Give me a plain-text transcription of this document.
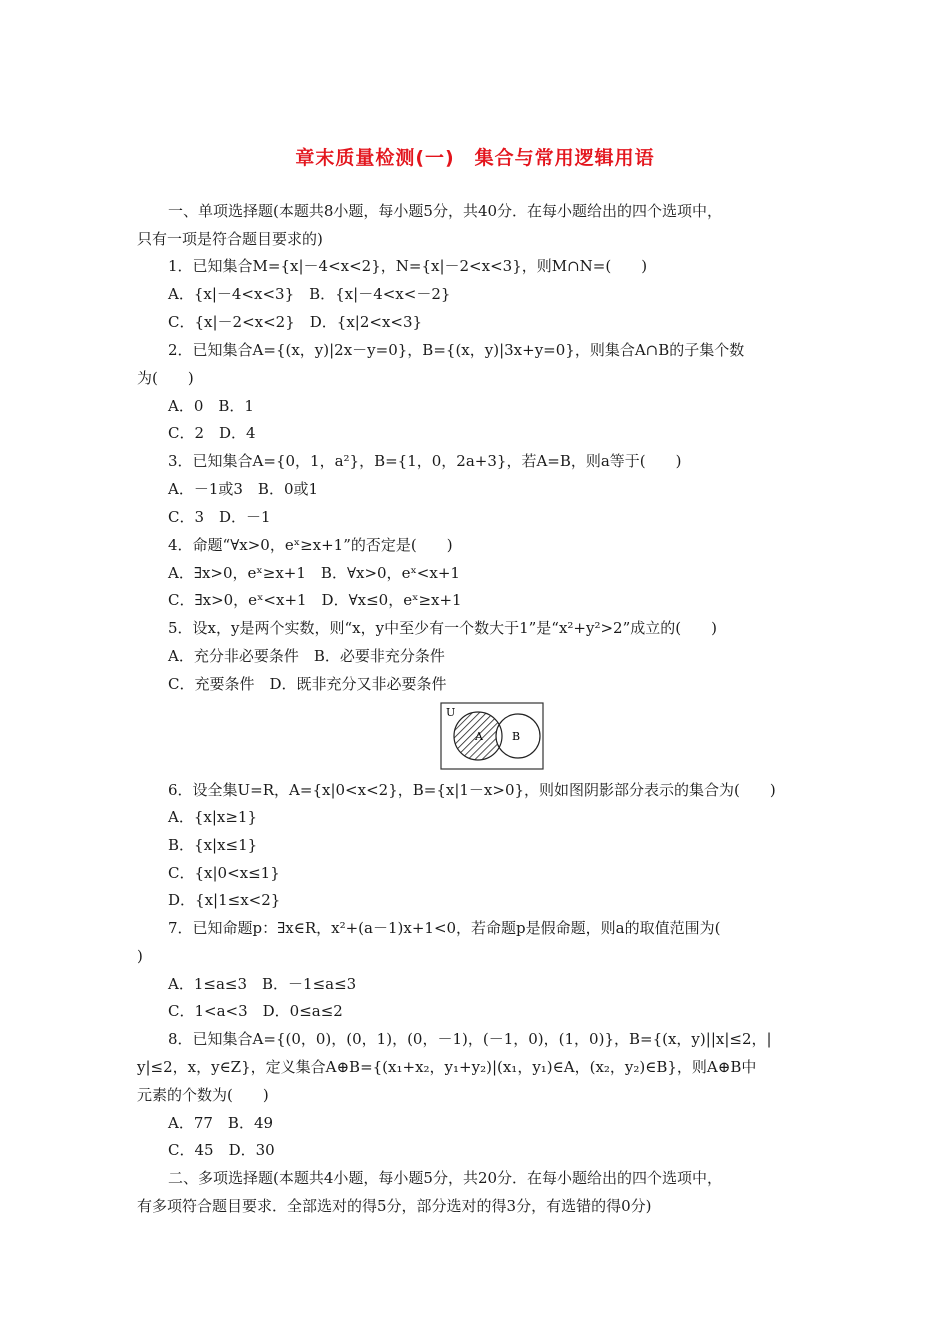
章末质量检测(一)　集合与常用逻辑用语
一、单项选择题(本题共8小题，每小题5分，共40分．在每小题给出的四个选项中，
只有一项是符合题目要求的)
1．已知集合M={x|－4<x<2}，N={x|－2<x<3}，则M∩N=(　　)
A．{x|－4<x<3}　B．{x|－4<x<－2}
C．{x|－2<x<2}　D．{x|2<x<3}
2．已知集合A={(x，y)|2x－y=0}，B={(x，y)|3x+y=0}，则集合A∩B的子集个数
为(　　)
A．0　B．1
C．2　D．4
3．已知集合A={0，1，a²}，B={1，0，2a+3}，若A=B，则a等于(　　)
A．－1或3　B．0或1
C．3　D．－1
4．命题“∀x>0，eˣ≥x+1”的否定是(　　)
A．∃x>0，eˣ≥x+1　B．∀x>0，eˣ<x+1
C．∃x>0，eˣ<x+1　D．∀x≤0，eˣ≥x+1
5．设x，y是两个实数，则“x，y中至少有一个数大于1”是“x²+y²>2”成立的(　　)
A．充分非必要条件　B．必要非充分条件
C．充要条件　D．既非充分又非必要条件
U
A	B
6．设全集U=R，A={x|0<x<2}，B={x|1－x>0}，则如图阴影部分表示的集合为(　　)
A．{x|x≥1}
B．{x|x≤1}
C．{x|0<x≤1}
D．{x|1≤x<2}
7．已知命题p：∃x∈R，x²+(a－1)x+1<0，若命题p是假命题，则a的取值范围为(
)
A．1≤a≤3　B．－1≤a≤3
C．1<a<3　D．0≤a≤2
8．已知集合A={(0，0)，(0，1)，(0，－1)，(－1，0)，(1，0)}，B={(x，y)||x|≤2，|
y|≤2，x，y∈Z}，定义集合A⊕B={(x₁+x₂，y₁+y₂)|(x₁，y₁)∈A，(x₂，y₂)∈B}，则A⊕B中
元素的个数为(　　)
A．77　B．49
C．45　D．30
二、多项选择题(本题共4小题，每小题5分，共20分．在每小题给出的四个选项中，
有多项符合题目要求．全部选对的得5分，部分选对的得3分，有选错的得0分)
